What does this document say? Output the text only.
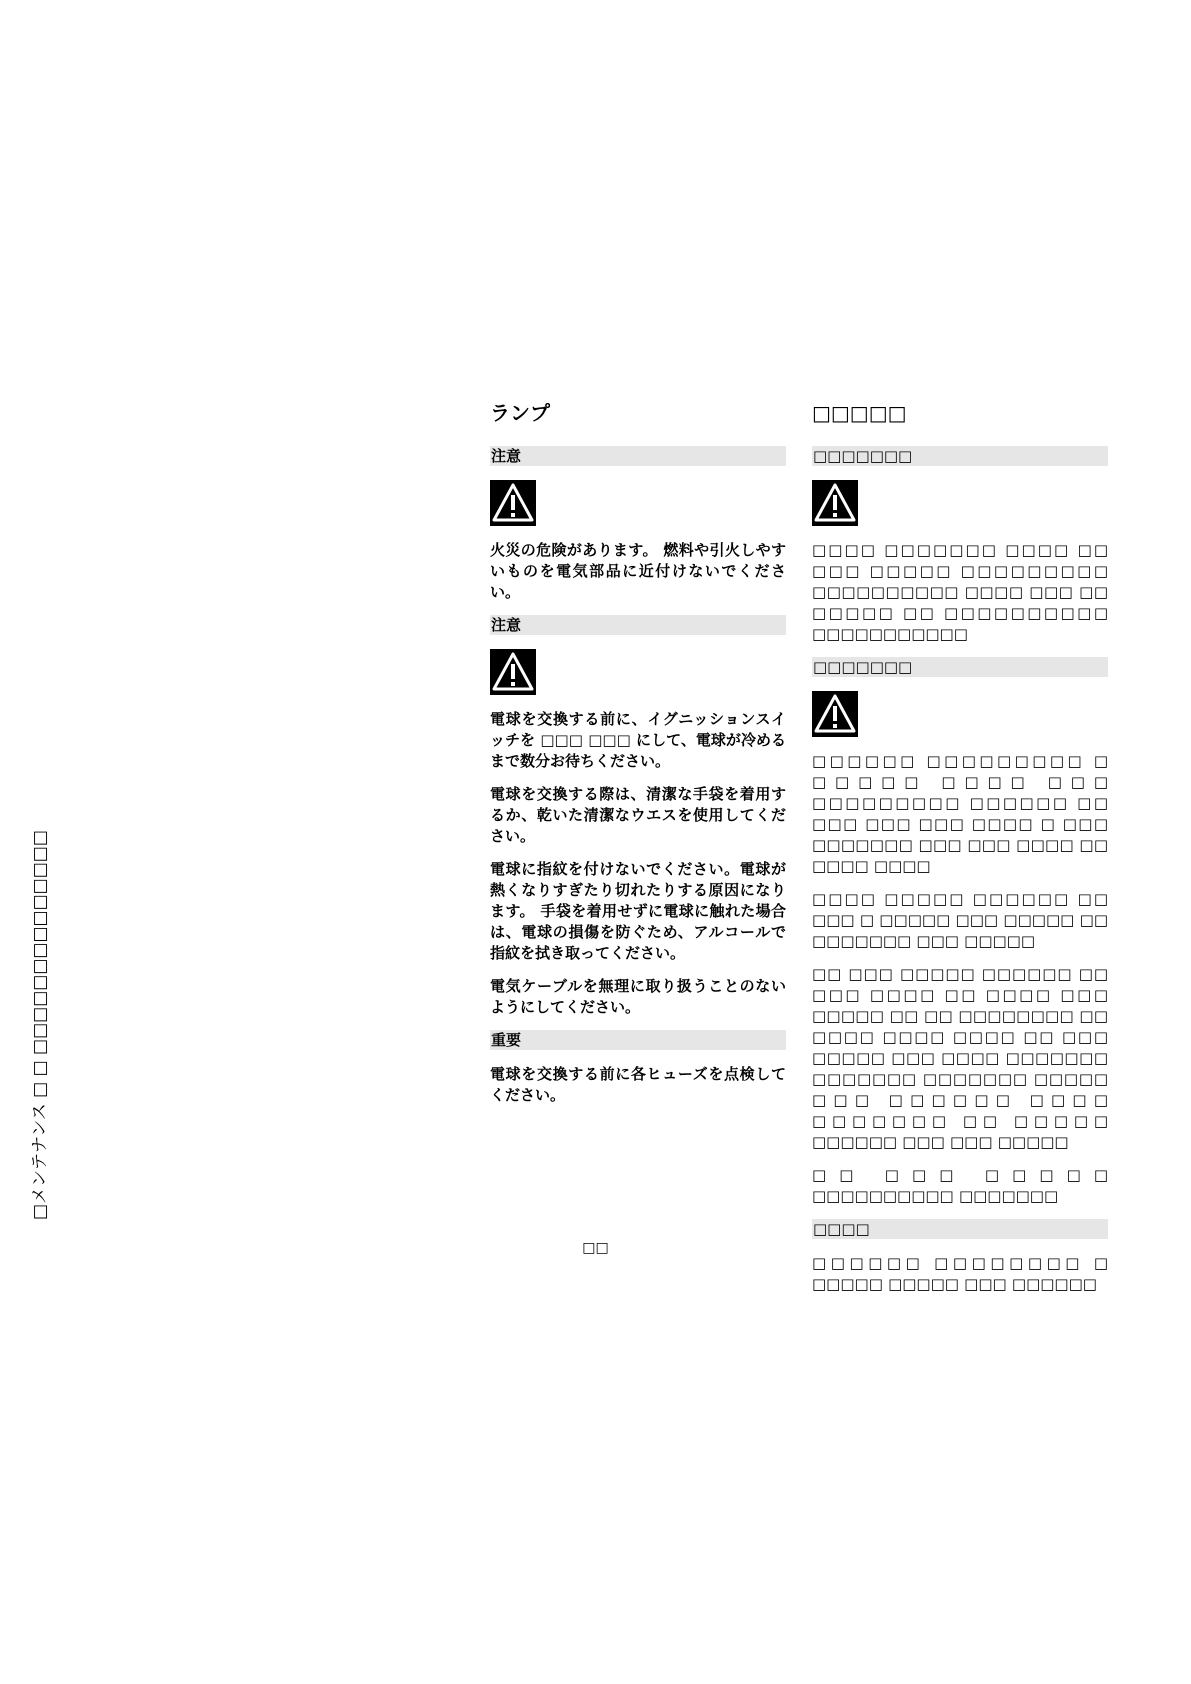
□メンテナンス □ □ □□□□□□□□□□□□□□
ランプ
注意
火災の危険があります。 燃料や引火しやすいものを電気部品に近付けないでください。
注意
電球を交換する前に、イグニッションスイッチを □□□ □□□ にして、電球が冷めるまで数分お待ちください。
電球を交換する際は、清潔な手袋を着用するか、乾いた清潔なウエスを使用してください。
電球に指紋を付けないでください。電球が熱くなりすぎたり切れたりする原因になります。 手袋を着用せずに電球に触れた場合は、電球の損傷を防ぐため、アルコールで指紋を拭き取ってください。
電気ケーブルを無理に取り扱うことのないようにしてください。
重要
電球を交換する前に各ヒューズを点検してください。
□□□□□
□□□□□□□
□□□□ □□□□□□□ □□□□ □□ □□□ □□□□□ □□□□□□□□□ □□□□□□□□□□ □□□□ □□□ □□ □□□□□ □□ □□□□□□□□□□ □□□□□□□□□□□
□□□□□□□
□□□□□□ □□□□□□□□□ □ □□□□□ □□□□ □□□ □□□□□□□□□ □□□□□□ □□ □□□ □□□ □□□ □□□□ □ □□□ □□□□□□□ □□□ □□□ □□□□ □□ □□□□ □□□□
□□□□ □□□□□ □□□□□□ □□ □□□ □ □□□□□ □□□ □□□□□ □□ □□□□□□□ □□□ □□□□□
□□ □□□ □□□□□ □□□□□□ □□ □□□ □□□□ □□ □□□□ □□□ □□□□□ □□ □□ □□□□□□□□ □□ □□□□ □□□□ □□□□ □□ □□□ □□□□□ □□□ □□□□ □□□□□□□ □□□□□□□ □□□□□□□ □□□□□ □□□ □□□□□□ □□□□ □□□□□□□ □□ □□□□□ □□□□□□ □□□ □□□ □□□□□
□□ □□□ □□□□□ □□□□□□□□□□ □□□□□□□
□□□□
□□□□□□ □□□□□□□□ □ □□□□□ □□□□□ □□□ □□□□□□
□□
